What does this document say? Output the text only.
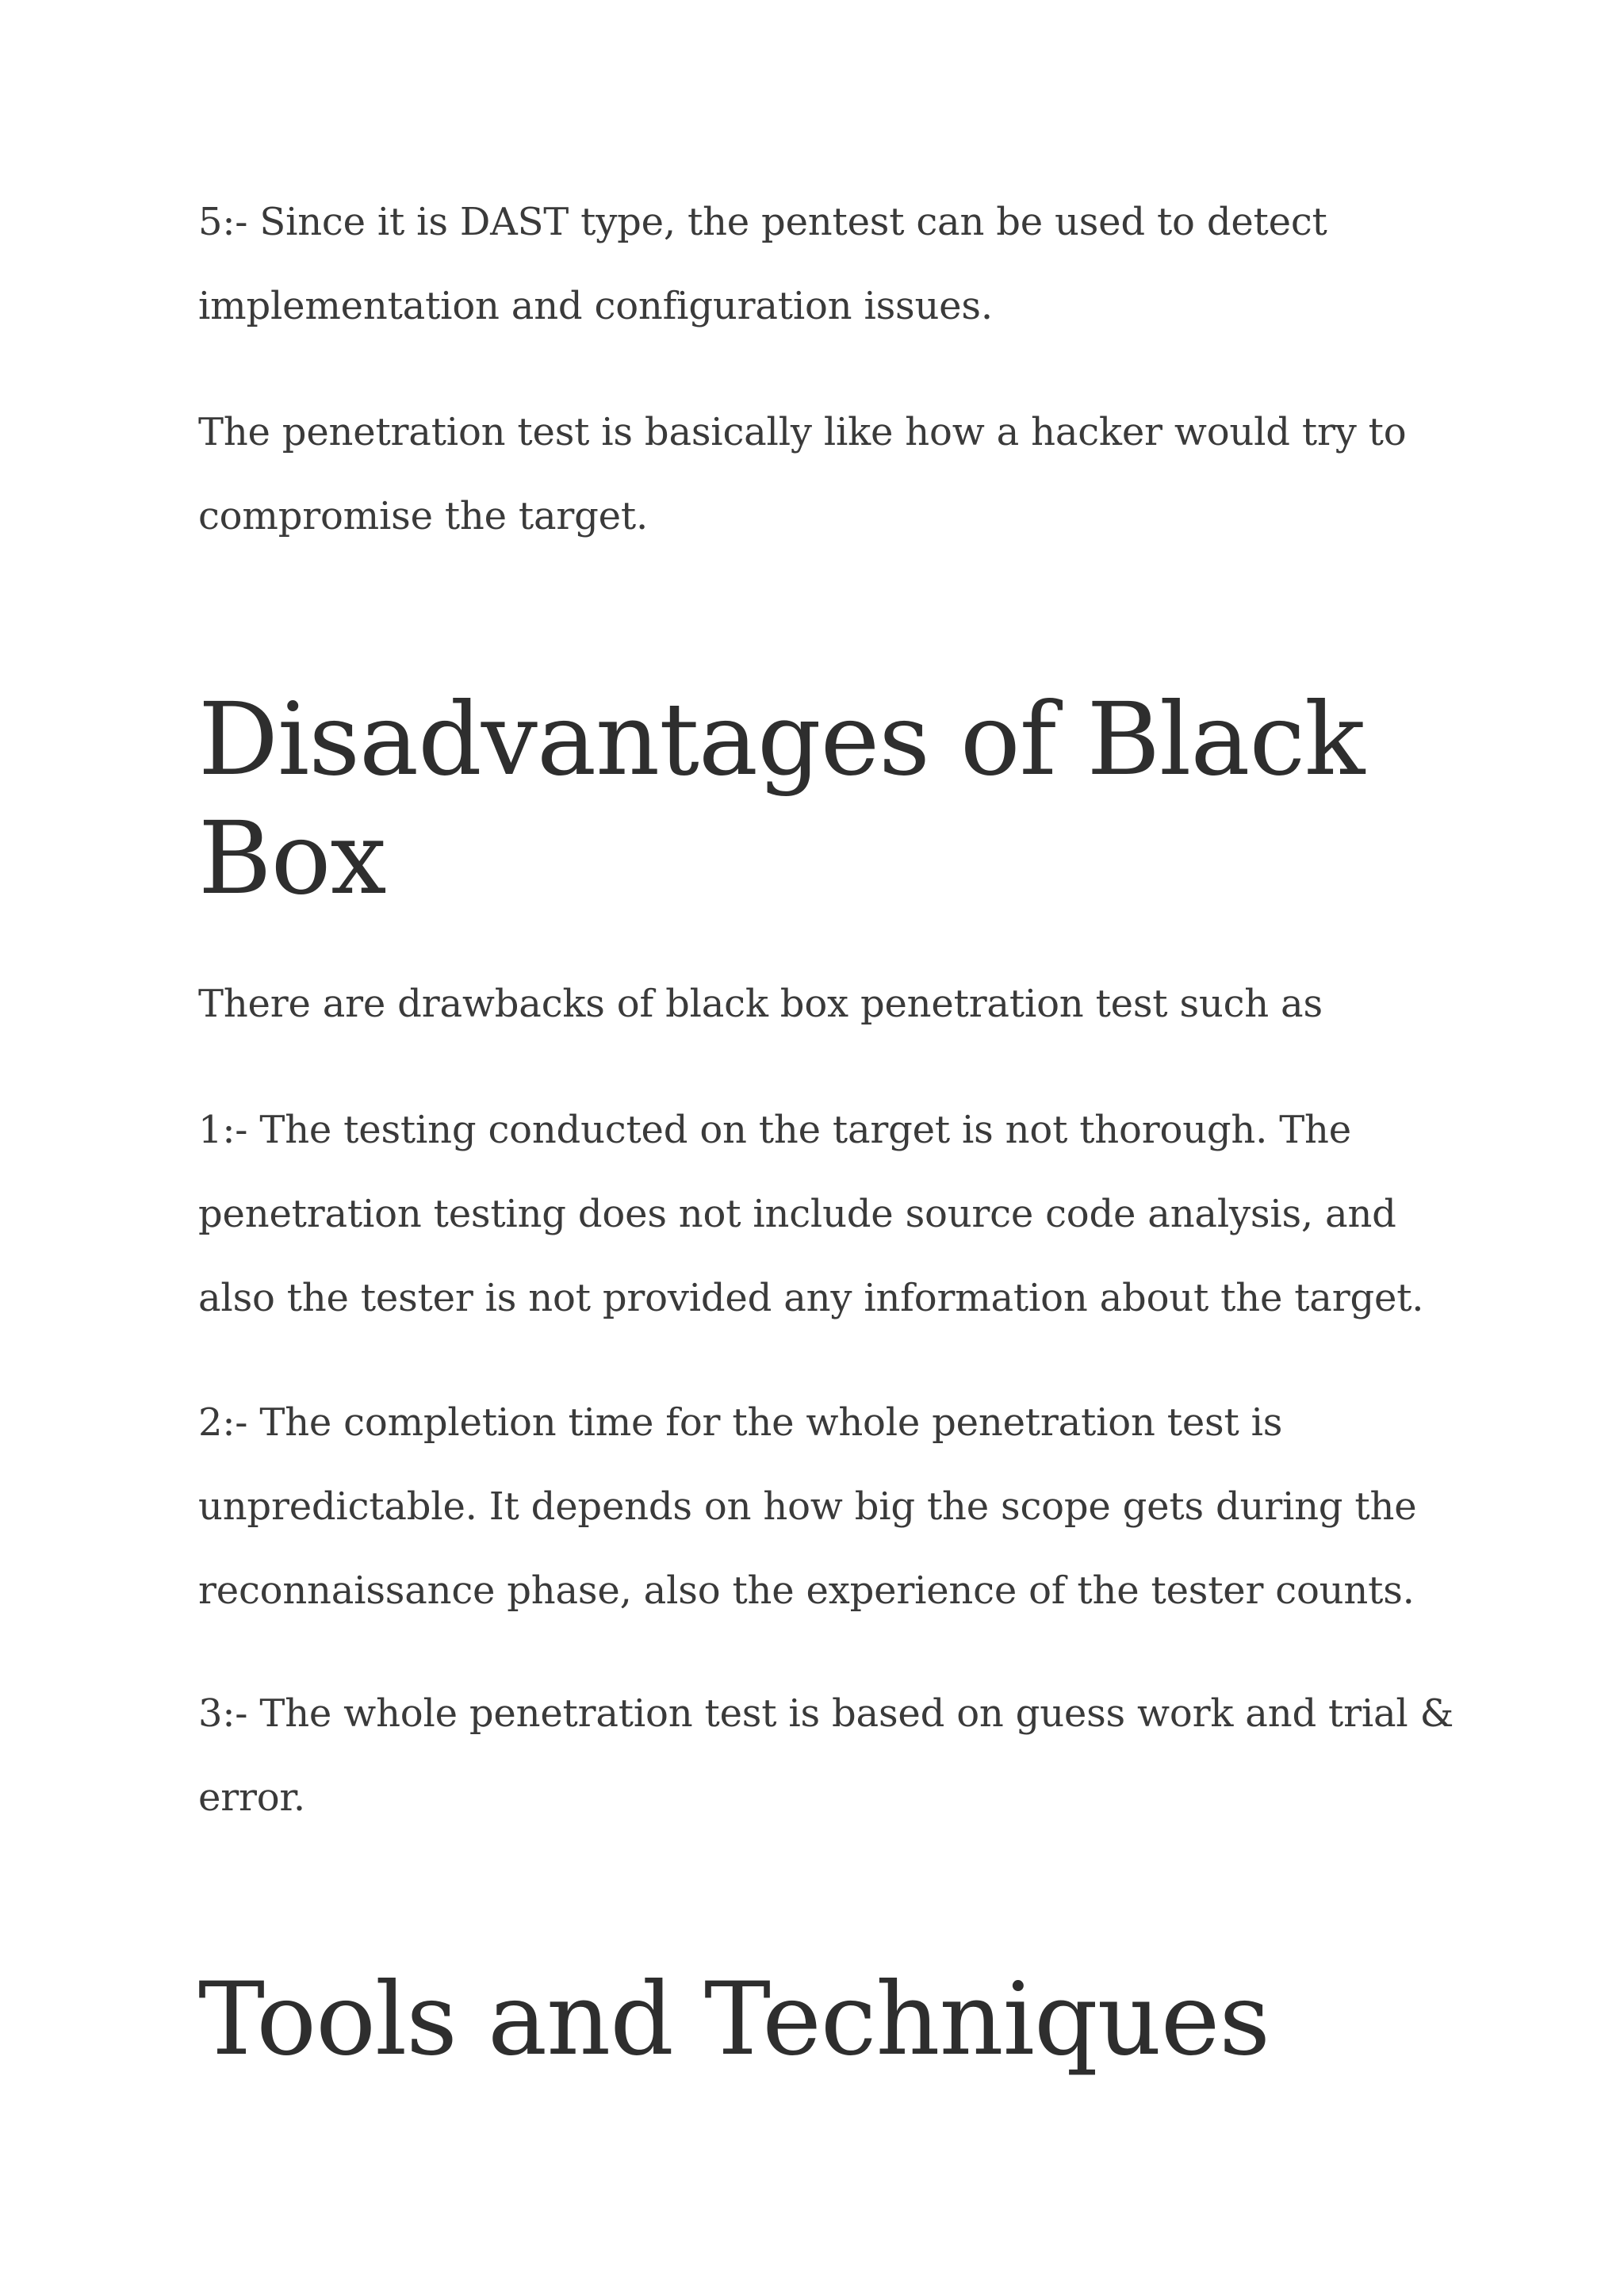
5:- Since it is DAST type, the pentest can be used to detect implementation and configuration issues.

The penetration test is basically like how a hacker would try to compromise the target.

Disadvantages of Black Box

There are drawbacks of black box penetration test such as

1:- The testing conducted on the target is not thorough. The penetration testing does not include source code analysis, and also the tester is not provided any information about the target.

2:- The completion time for the whole penetration test is unpredictable. It depends on how big the scope gets during the reconnaissance phase, also the experience of the tester counts.

3:- The whole penetration test is based on guess work and trial & error.

Tools and Techniques
